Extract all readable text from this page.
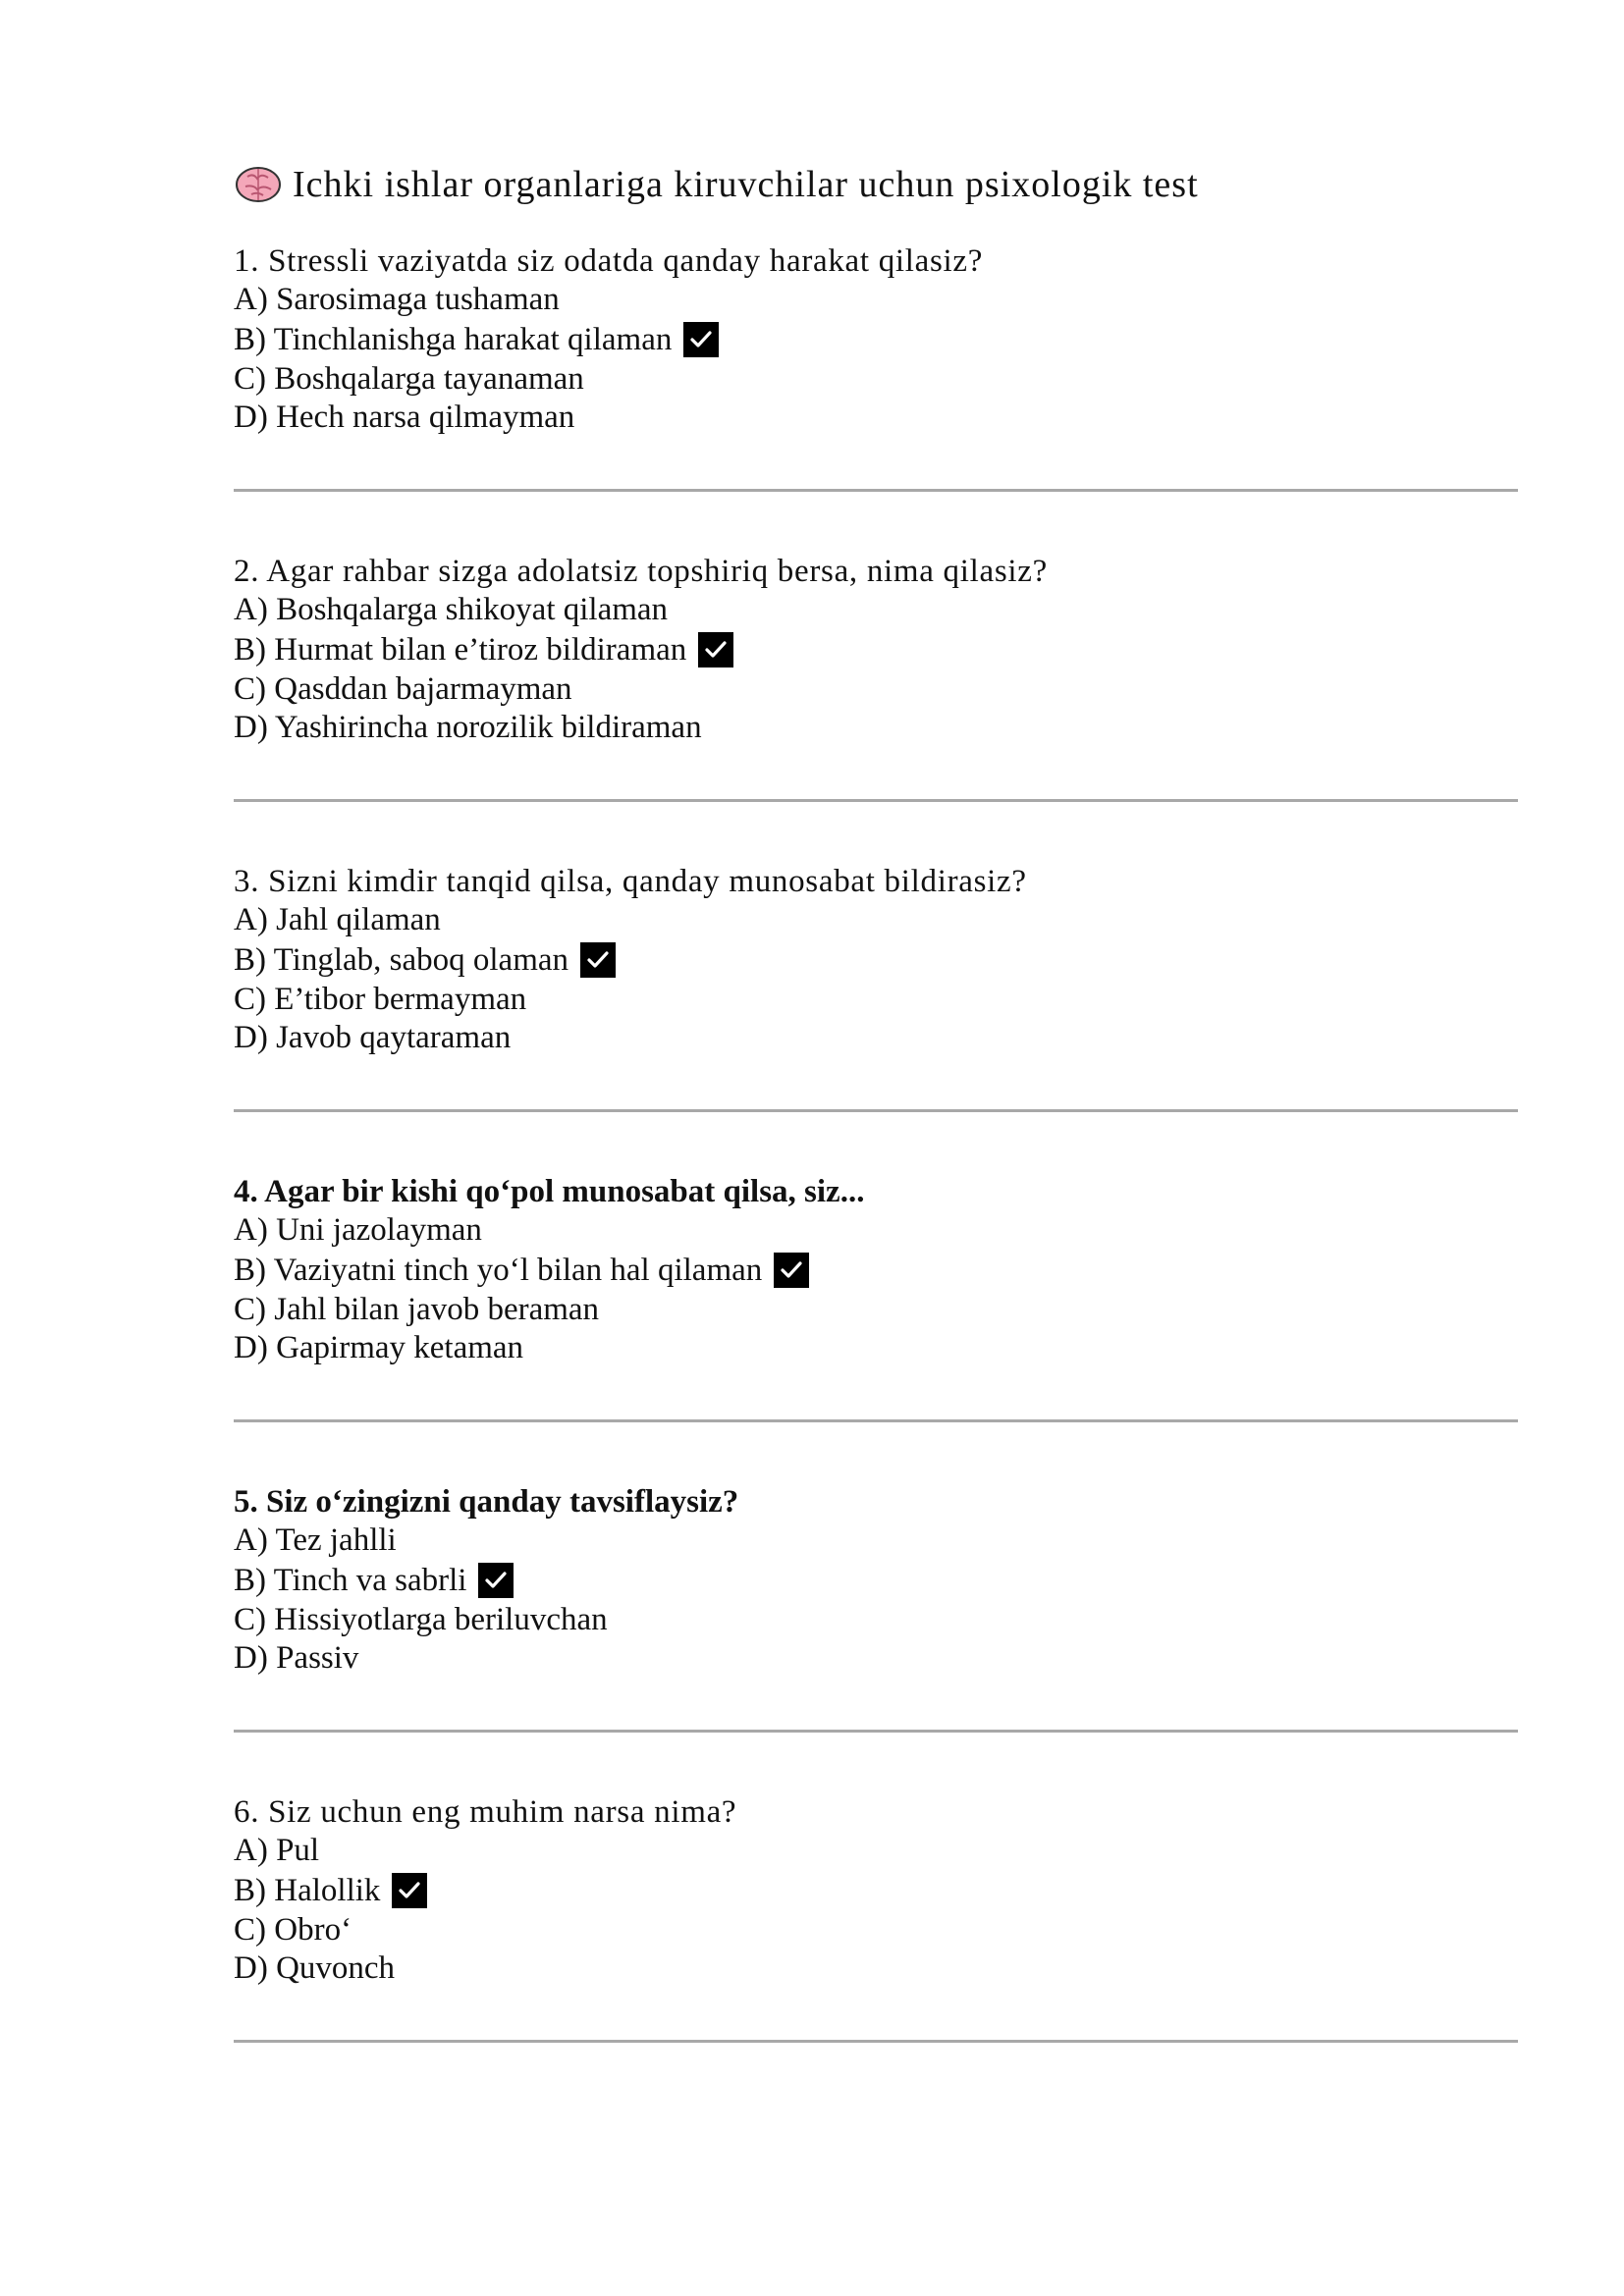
Ichki ishlar organlariga kiruvchilar uchun psixologik test

1. Stressli vaziyatda siz odatda qanday harakat qilasiz?

A) Sarosimaga tushaman
B) Tinchlanishga harakat qilaman
C) Boshqalarga tayanaman
D) Hech narsa qilmayman

2. Agar rahbar sizga adolatsiz topshiriq bersa, nima qilasiz?

A) Boshqalarga shikoyat qilaman
B) Hurmat bilan e’tiroz bildiraman
C) Qasddan bajarmayman
D) Yashirincha norozilik bildiraman

3. Sizni kimdir tanqid qilsa, qanday munosabat bildirasiz?

A) Jahl qilaman
B) Tinglab, saboq olaman
C) E’tibor bermayman
D) Javob qaytaraman

4. Agar bir kishi qo‘pol munosabat qilsa, siz...

A) Uni jazolayman
B) Vaziyatni tinch yo‘l bilan hal qilaman
C) Jahl bilan javob beraman
D) Gapirmay ketaman

5. Siz o‘zingizni qanday tavsiflaysiz?

A) Tez jahlli
B) Tinch va sabrli
C) Hissiyotlarga beriluvchan
D) Passiv

6. Siz uchun eng muhim narsa nima?

A) Pul
B) Halollik
C) Obro‘
D) Quvonch
